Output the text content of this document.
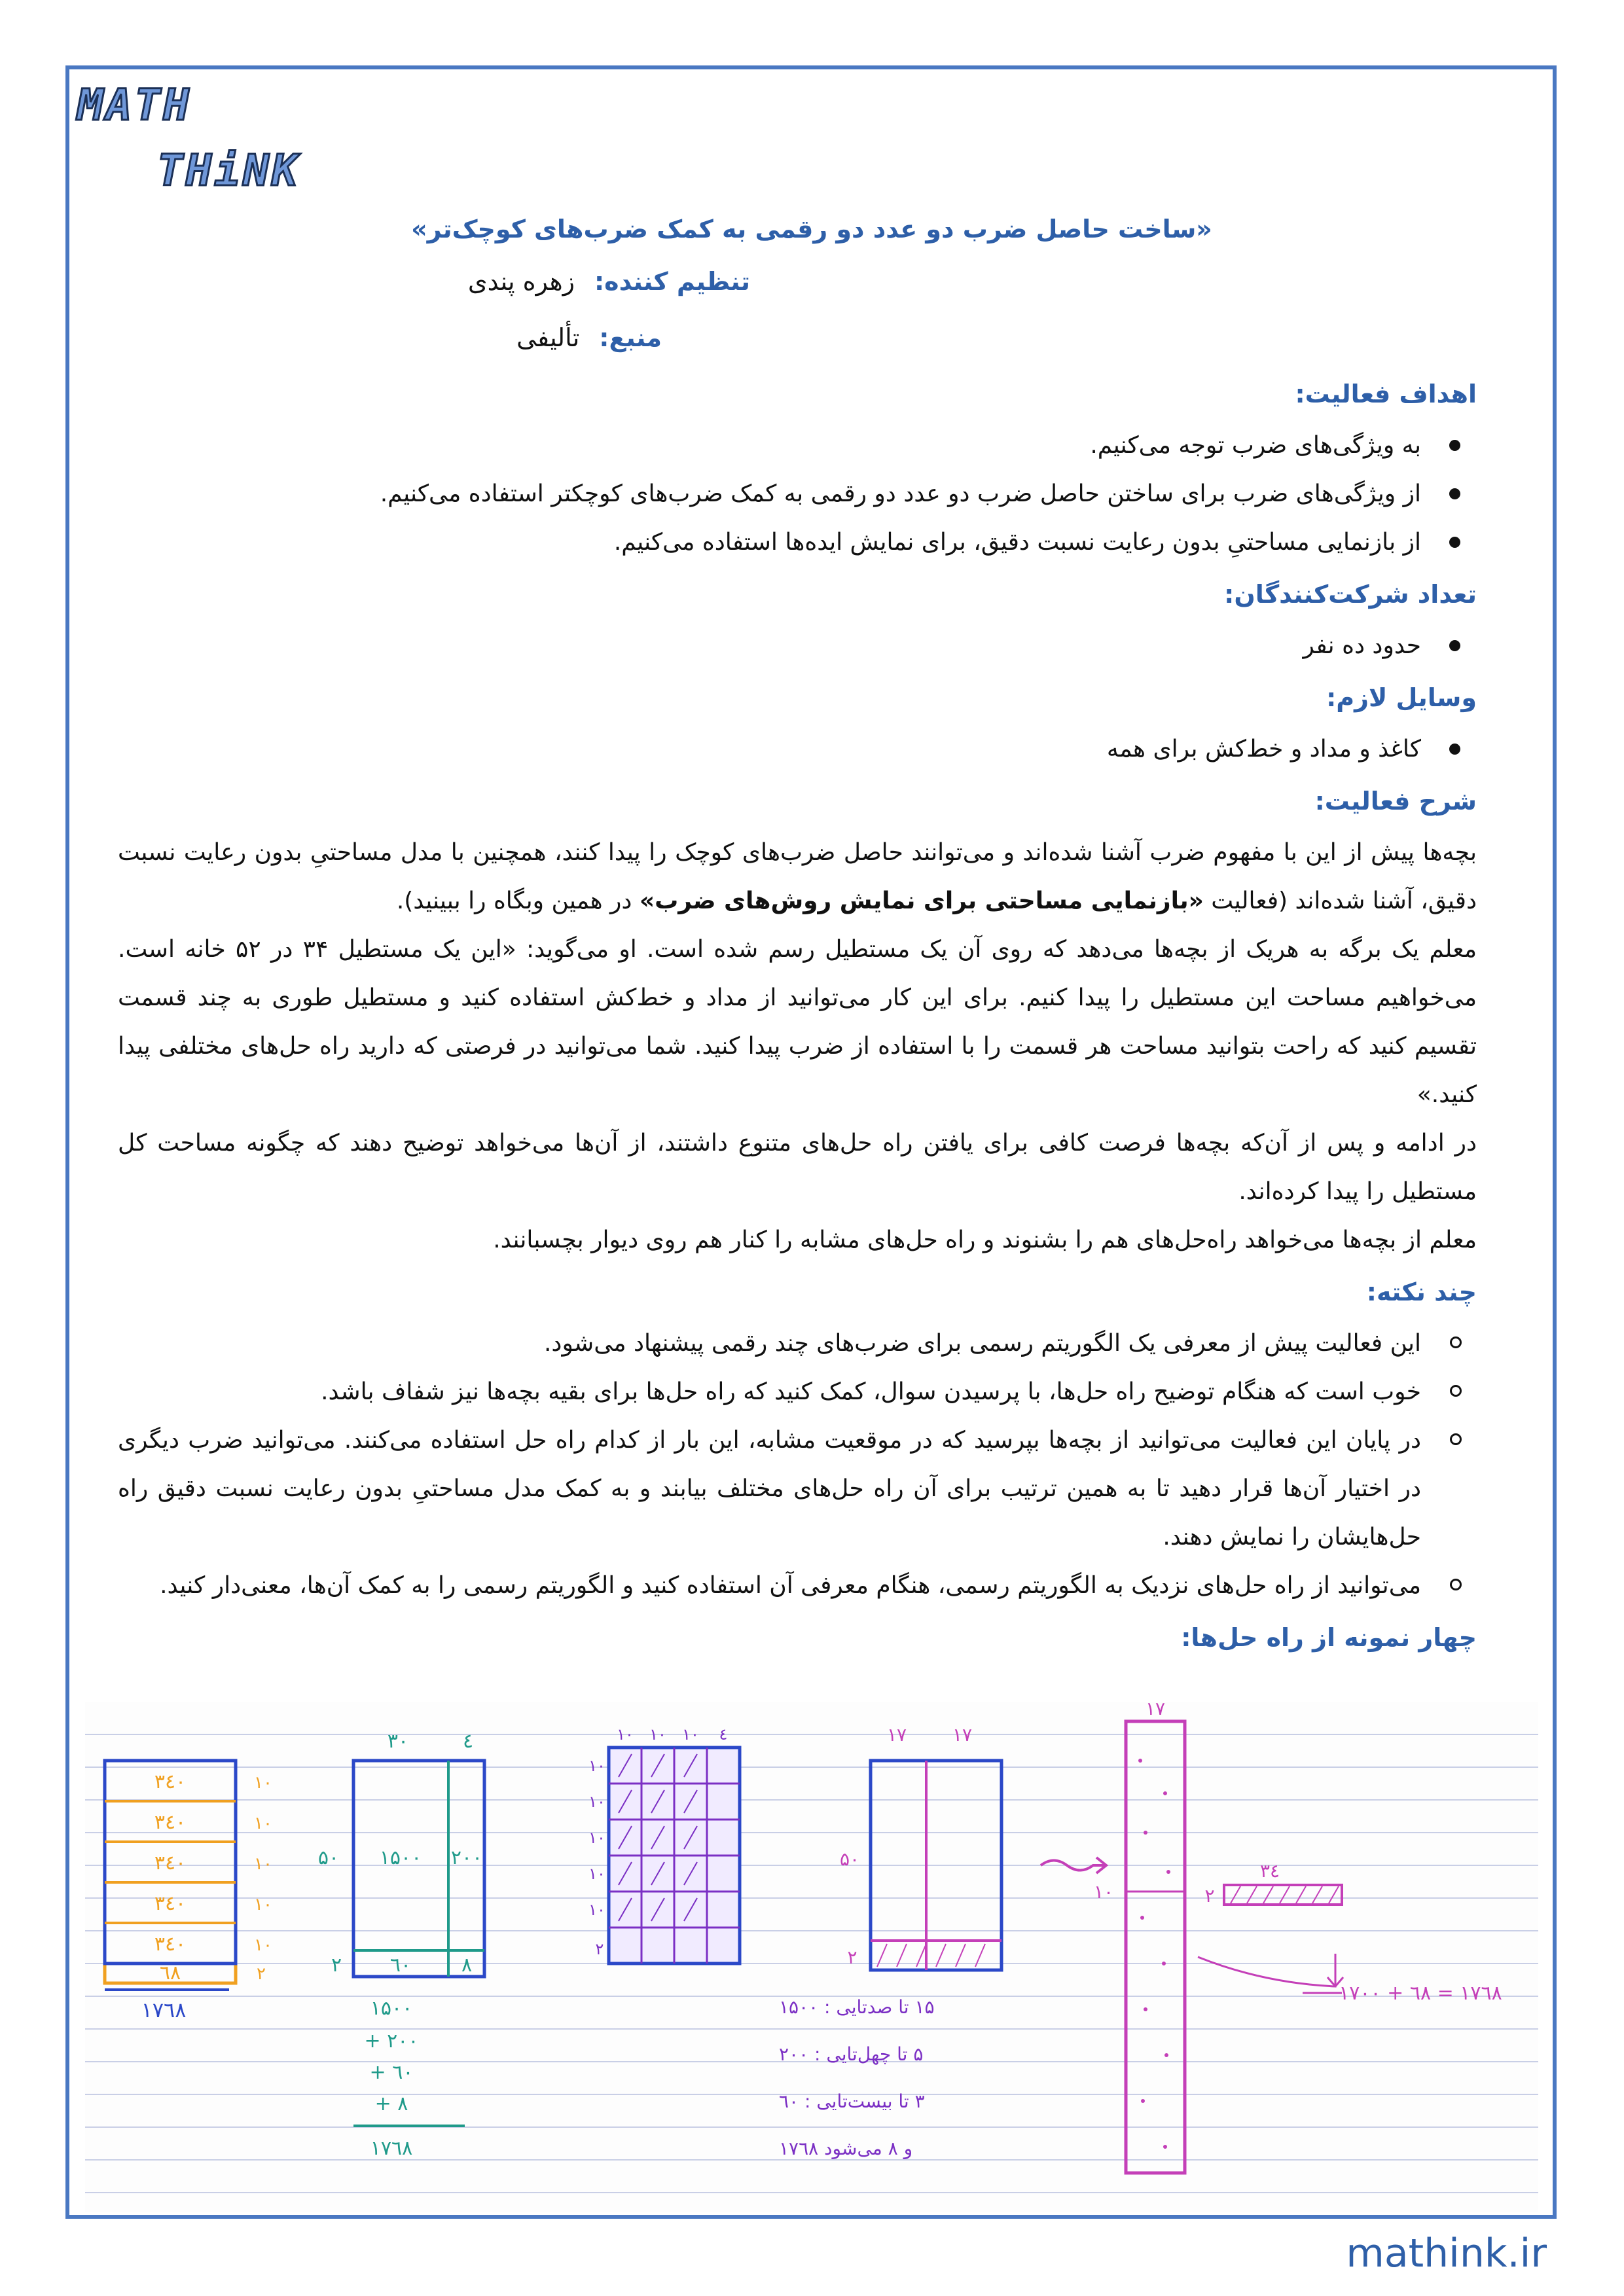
MATH
THiNK
«ساخت حاصل ضرب دو عدد دو رقمی به کمک ضرب‌های کوچک‌تر»
تنظیم کننده:زهره پندی
منبع:تألیفی
اهداف فعالیت:
به ویژگی‌های ضرب توجه می‌کنیم.
از ویژگی‌های ضرب برای ساختن حاصل ضرب دو عدد دو رقمی به کمک ضرب‌های کوچکتر استفاده می‌کنیم.
از بازنمایی مساحتیِ بدون رعایت نسبت دقیق، برای نمایش ایده‌ها استفاده می‌کنیم.
تعداد شرکت‌کنندگان:
حدود ده نفر
وسایل لازم:
کاغذ و مداد و خط‌کش برای همه
شرح فعالیت:

بچه‌ها پیش از این با مفهوم ضرب آشنا شده‌اند و می‌توانند حاصل ضرب‌های کوچک را پیدا کنند، همچنین با مدل مساحتیِ بدون رعایت نسبت دقیق، آشنا شده‌اند (فعالیت «بازنمایی مساحتی برای نمایش روش‌های ضرب» در همین وبگاه را ببینید).

معلم یک برگه به هریک از بچه‌ها می‌دهد که روی آن یک مستطیل رسم شده است. او می‌گوید: «این یک مستطیل ۳۴ در ۵۲ خانه است. می‌خواهیم مساحت این مستطیل را پیدا کنیم. برای این کار می‌توانید از مداد و خط‌کش استفاده کنید و مستطیل طوری به چند قسمت تقسیم کنید که راحت بتوانید مساحت هر قسمت را با استفاده از ضرب پیدا کنید. شما می‌توانید در فرصتی که دارید راه حل‌های مختلفی پیدا کنید.»

در ادامه و پس از آن‌که بچه‌ها فرصت کافی برای یافتن راه حل‌های متنوع داشتند، از آن‌ها می‌خواهد توضیح دهند که چگونه مساحت کل مستطیل را پیدا کرده‌اند.

معلم از بچه‌ها می‌خواهد راه‌حل‌های هم را بشنوند و راه حل‌های مشابه را کنار هم روی دیوار بچسبانند.

چند نکته:
این فعالیت پیش از معرفی یک الگوریتم رسمی برای ضرب‌های چند رقمی پیشنهاد می‌شود.
خوب است که هنگام توضیح راه حل‌ها، با پرسیدن سوال، کمک کنید که راه حل‌ها برای بقیه بچه‌ها نیز شفاف باشد.
در پایان این فعالیت می‌توانید از بچه‌ها بپرسید که در موقعیت مشابه، این بار از کدام راه حل استفاده می‌کنند. می‌توانید ضرب دیگری در اختیار آن‌ها قرار دهید تا به همین ترتیب برای آن راه حل‌های مختلف بیابند و به کمک مدل مساحتیِ بدون رعایت نسبت دقیق راه حل‌هایشان را نمایش دهند.
می‌توانید از راه حل‌های نزدیک به الگوریتم رسمی، هنگام معرفی آن استفاده کنید و الگوریتم رسمی را به کمک آن‌ها، معنی‌دار کنید.
چهار نمونه از راه حل‌ها:
۳٤٠
۳٤٠
۳٤٠
۳٤٠
۳٤٠
٦۸
۱۰
۱۰
۱۰
۱۰
۱۰
۲
۱۷٦۸
۳۰	٤
۵۰
۲
۱۵۰۰ ۲۰۰
٦۰	۸
۱۵۰۰
+ ۲۰۰
+ ٦۰
+ ۸
۱۷٦۸
۱۰ ۱۰ ۱۰ ٤
۱۰
۱۰
۱۰
۱۰
۱۰
۲
۱۵ تا صدتایی : ۱۵۰۰
۵ تا چهل‌تایی : ۲۰۰
۳ تا بیست‌تایی : ٦۰
و ۸ می‌شود ۱۷٦۸
۱۷ ۱۷
۵۰
۲
۱۷
۱۰
۳٤
۲
۱۷۰۰ + ٦۸ = ۱۷٦۸
mathink.ir
